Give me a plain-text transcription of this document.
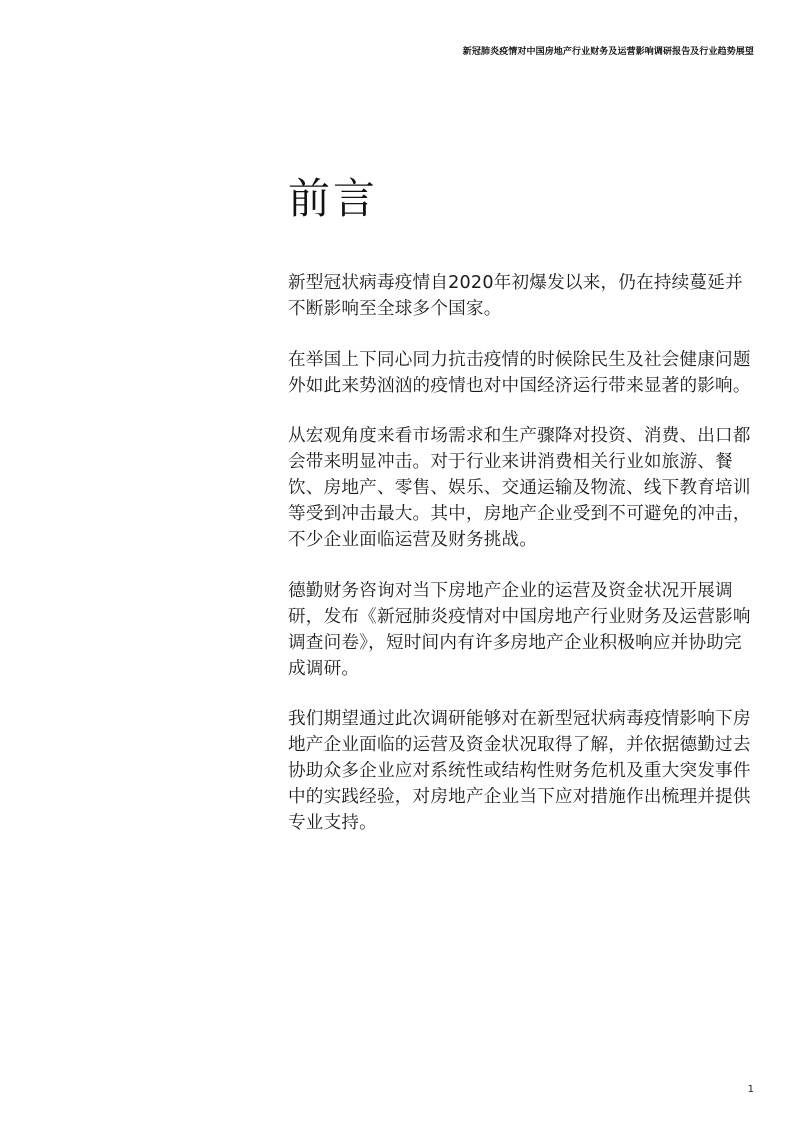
新冠肺炎疫情对中国房地产行业财务及运营影响调研报告及行业趋势展望
前言

新型冠状病毒疫情自2020年初爆发以来，仍在持续蔓延并不断影响至全球多个国家。

在举国上下同心同力抗击疫情的时候除民生及社会健康问题外如此来势汹汹的疫情也对中国经济运行带来显著的影响。

从宏观角度来看市场需求和生产骤降对投资、消费、出口都会带来明显冲击。对于行业来讲消费相关行业如旅游、餐饮、房地产、零售、娱乐、交通运输及物流、线下教育培训等受到冲击最大。其中，房地产企业受到不可避免的冲击，不少企业面临运营及财务挑战。

德勤财务咨询对当下房地产企业的运营及资金状况开展调研，发布《新冠肺炎疫情对中国房地产行业财务及运营影响调查问卷》，短时间内有许多房地产企业积极响应并协助完成调研。

我们期望通过此次调研能够对在新型冠状病毒疫情影响下房地产企业面临的运营及资金状况取得了解，并依据德勤过去协助众多企业应对系统性或结构性财务危机及重大突发事件中的实践经验，对房地产企业当下应对措施作出梳理并提供专业支持。

1
